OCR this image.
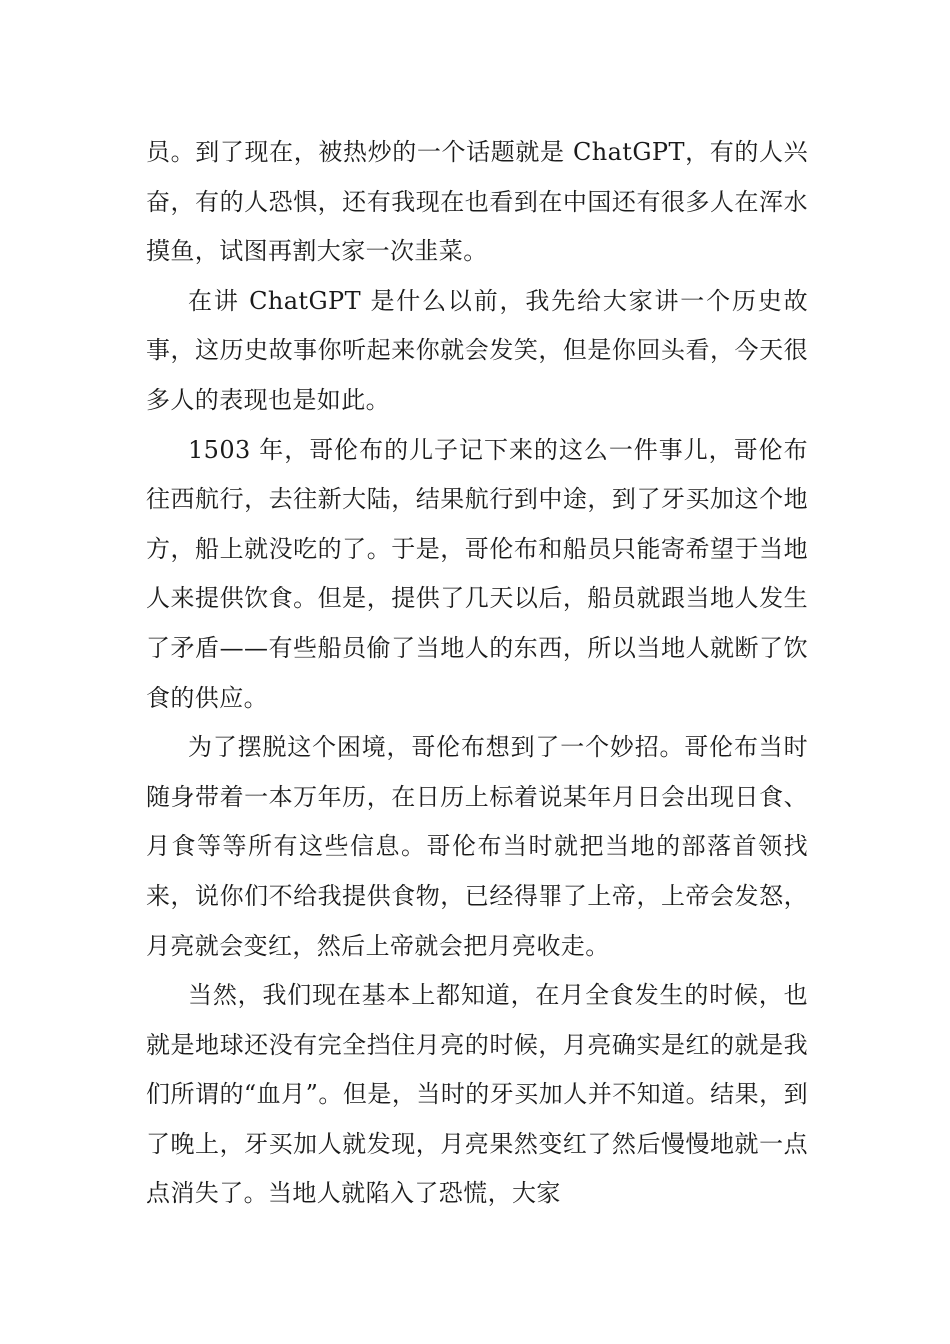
员。到了现在，被热炒的一个话题就是 ChatGPT，有的人兴奋，有的人恐惧，还有我现在也看到在中国还有很多人在浑水摸鱼，试图再割大家一次韭菜。

在讲 ChatGPT 是什么以前，我先给大家讲一个历史故事，这历史故事你听起来你就会发笑，但是你回头看，今天很多人的表现也是如此。

1503 年，哥伦布的儿子记下来的这么一件事儿，哥伦布往西航行，去往新大陆，结果航行到中途，到了牙买加这个地方，船上就没吃的了。于是，哥伦布和船员只能寄希望于当地人来提供饮食。但是，提供了几天以后，船员就跟当地人发生了矛盾——有些船员偷了当地人的东西，所以当地人就断了饮食的供应。

为了摆脱这个困境，哥伦布想到了一个妙招。哥伦布当时随身带着一本万年历，在日历上标着说某年月日会出现日食、月食等等所有这些信息。哥伦布当时就把当地的部落首领找来，说你们不给我提供食物，已经得罪了上帝，上帝会发怒，月亮就会变红，然后上帝就会把月亮收走。

当然，我们现在基本上都知道，在月全食发生的时候，也就是地球还没有完全挡住月亮的时候，月亮确实是红的就是我们所谓的“血月”。但是，当时的牙买加人并不知道。结果，到了晚上，牙买加人就发现，月亮果然变红了然后慢慢地就一点点消失了。当地人就陷入了恐慌，大家
